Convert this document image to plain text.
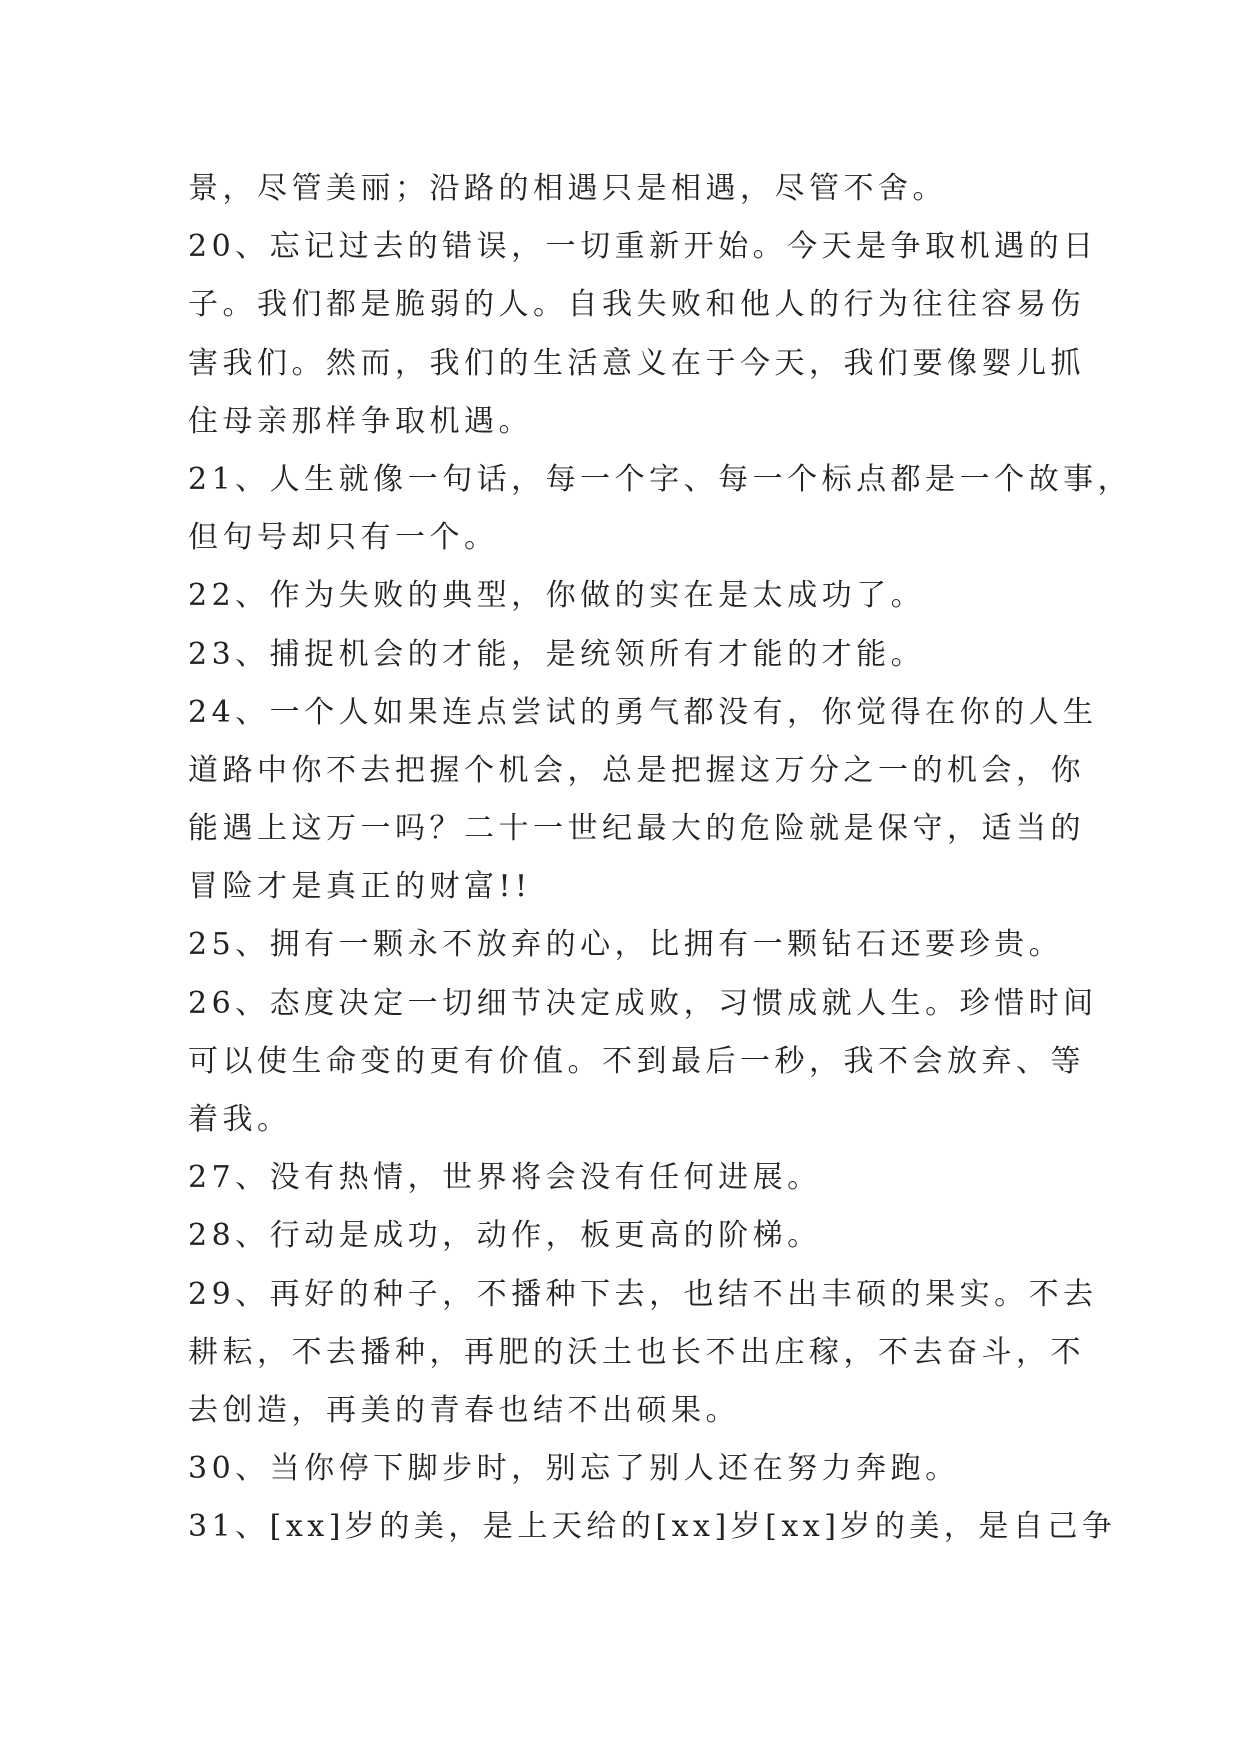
景，尽管美丽；沿路的相遇只是相遇，尽管不舍。
20、忘记过去的错误，一切重新开始。今天是争取机遇的日
子。我们都是脆弱的人。自我失败和他人的行为往往容易伤
害我们。然而，我们的生活意义在于今天，我们要像婴儿抓
住母亲那样争取机遇。
21、人生就像一句话，每一个字、每一个标点都是一个故事，
但句号却只有一个。
22、作为失败的典型，你做的实在是太成功了。
23、捕捉机会的才能，是统领所有才能的才能。
24、一个人如果连点尝试的勇气都没有，你觉得在你的人生
道路中你不去把握个机会，总是把握这万分之一的机会，你
能遇上这万一吗？二十一世纪最大的危险就是保守，适当的
冒险才是真正的财富!!
25、拥有一颗永不放弃的心，比拥有一颗钻石还要珍贵。
26、态度决定一切细节决定成败，习惯成就人生。珍惜时间
可以使生命变的更有价值。不到最后一秒，我不会放弃、等
着我。
27、没有热情，世界将会没有任何进展。
28、行动是成功，动作，板更高的阶梯。
29、再好的种子，不播种下去，也结不出丰硕的果实。不去
耕耘，不去播种，再肥的沃土也长不出庄稼，不去奋斗，不
去创造，再美的青春也结不出硕果。
30、当你停下脚步时，别忘了别人还在努力奔跑。
31、[xx]岁的美，是上天给的[xx]岁[xx]岁的美，是自己争
